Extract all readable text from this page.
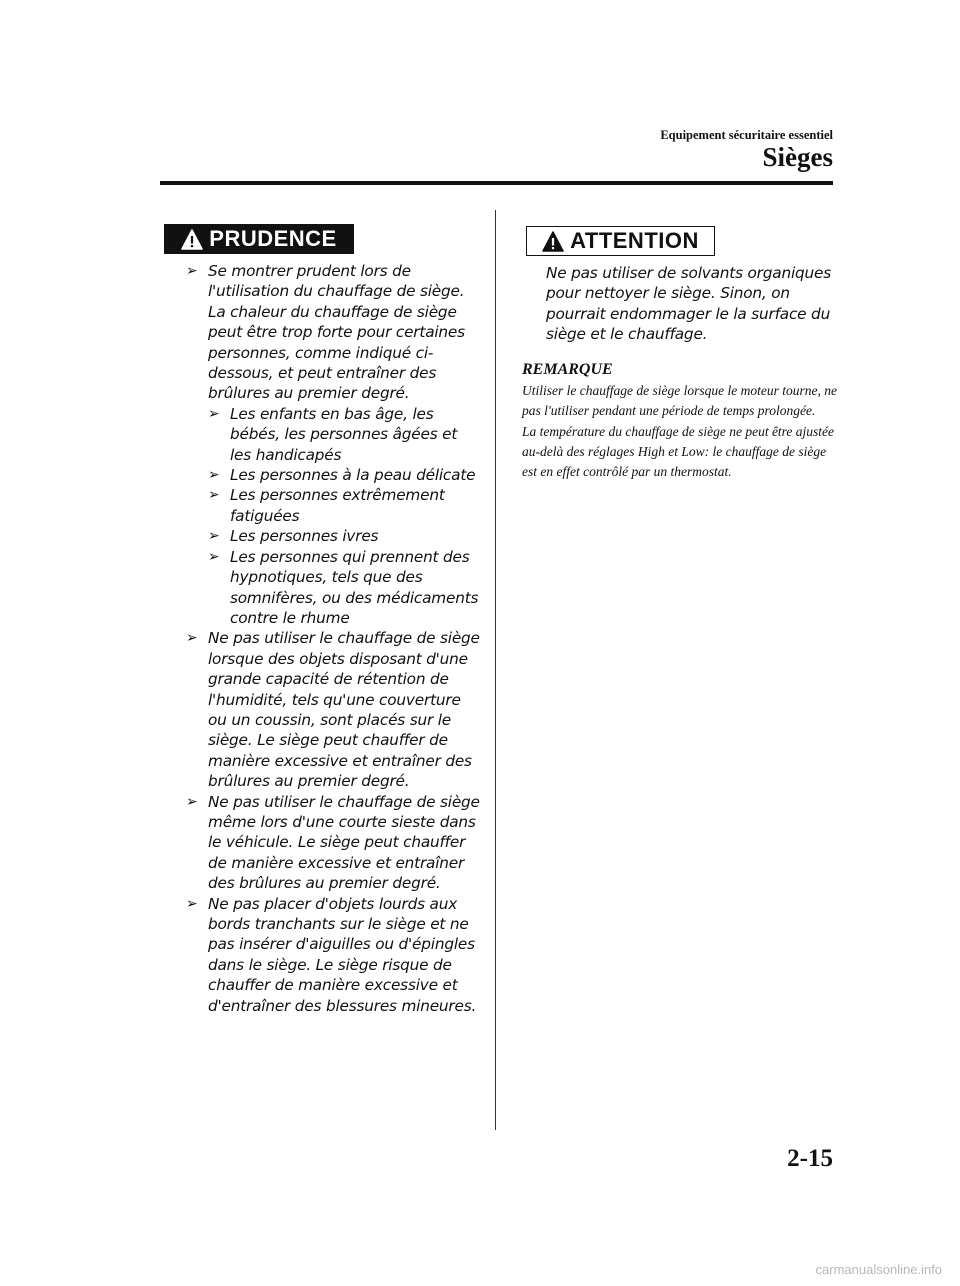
Equipement sécuritaire essentiel
Sièges
PRUDENCE
➢ Se montrer prudent lors de l'utilisation du chauffage de siège. La chaleur du chauffage de siège peut être trop forte pour certaines personnes, comme indiqué ci-dessous, et peut entraîner des brûlures au premier degré.
➢ Les enfants en bas âge, les bébés, les personnes âgées et les handicapés
➢ Les personnes à la peau délicate
➢ Les personnes extrêmement fatiguées
➢ Les personnes ivres
➢ Les personnes qui prennent des hypnotiques, tels que des somnifères, ou des médicaments contre le rhume
➢ Ne pas utiliser le chauffage de siège lorsque des objets disposant d'une grande capacité de rétention de l'humidité, tels qu'une couverture ou un coussin, sont placés sur le siège. Le siège peut chauffer de manière excessive et entraîner des brûlures au premier degré.
➢ Ne pas utiliser le chauffage de siège même lors d'une courte sieste dans le véhicule. Le siège peut chauffer de manière excessive et entraîner des brûlures au premier degré.
➢ Ne pas placer d'objets lourds aux bords tranchants sur le siège et ne pas insérer d'aiguilles ou d'épingles dans le siège. Le siège risque de chauffer de manière excessive et d'entraîner des blessures mineures.
ATTENTION
Ne pas utiliser de solvants organiques pour nettoyer le siège. Sinon, on pourrait endommager le la surface du siège et le chauffage.
REMARQUE

Utiliser le chauffage de siège lorsque le moteur tourne, ne pas l'utiliser pendant une période de temps prolongée.

La température du chauffage de siège ne peut être ajustée au-delà des réglages High et Low: le chauffage de siège est en effet contrôlé par un thermostat.

2-15
carmanualsonline.info
